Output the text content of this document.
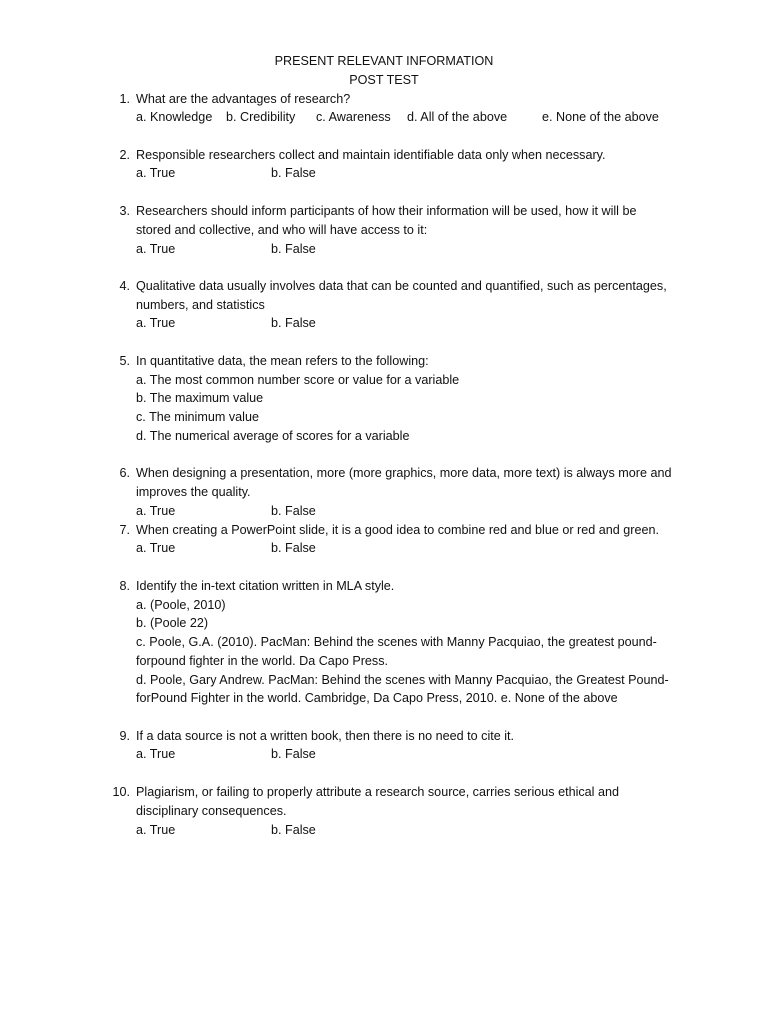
PRESENT RELEVANT INFORMATION
POST TEST
1. What are the advantages of research?
a. Knowledge b. Credibility c. Awareness d. All of the above	e. None of the above
2. Responsible researchers collect and maintain identifiable data only when necessary.
a. True	b. False
3. Researchers should inform participants of how their information will be used, how it will be
stored and collective, and who will have access to it:
a. True	b. False
4. Qualitative data usually involves data that can be counted and quantified, such as percentages,
numbers, and statistics
a. True	b. False
5. In quantitative data, the mean refers to the following:
a. The most common number score or value for a variable
b. The maximum value
c. The minimum value
d. The numerical average of scores for a variable
6. When designing a presentation, more (more graphics, more data, more text) is always more and
improves the quality.
a. True	b. False
7. When creating a PowerPoint slide, it is a good idea to combine red and blue or red and green.
a. True	b. False
8. Identify the in-text citation written in MLA style.
a. (Poole, 2010)
b. (Poole 22)
c. Poole, G.A. (2010). PacMan: Behind the scenes with Manny Pacquiao, the greatest pound-
forpound fighter in the world. Da Capo Press.
d. Poole, Gary Andrew. PacMan: Behind the scenes with Manny Pacquiao, the Greatest Pound-
forPound Fighter in the world. Cambridge, Da Capo Press, 2010. e. None of the above
9. If a data source is not a written book, then there is no need to cite it.
a. True	b. False
10. Plagiarism, or failing to properly attribute a research source, carries serious ethical and
disciplinary consequences.
a. True	b. False
